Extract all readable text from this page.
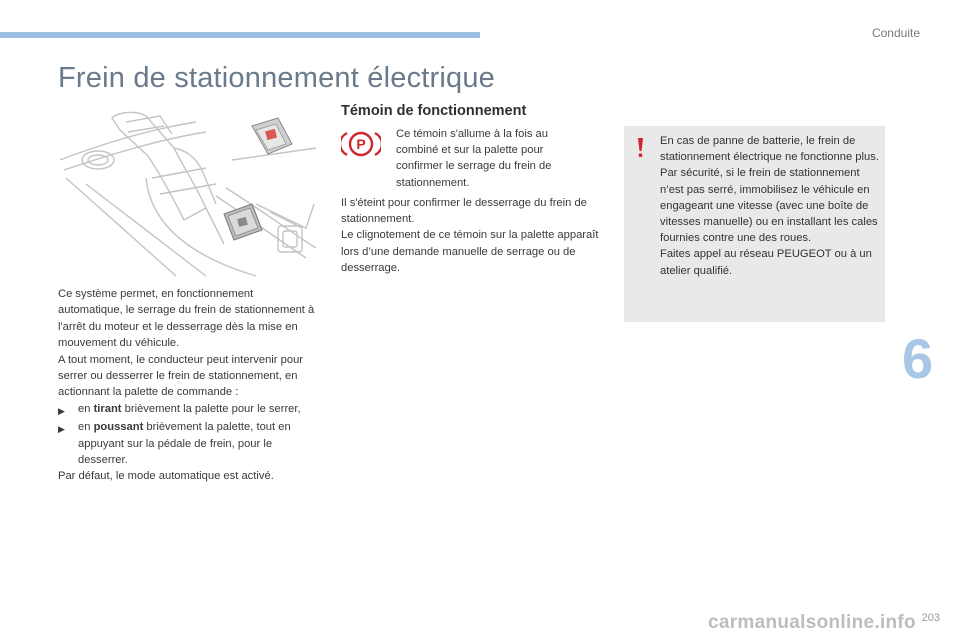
Conduite
Frein de stationnement électrique

Ce système permet, en fonctionnement automatique, le serrage du frein de stationnement à l'arrêt du moteur et le desserrage dès la mise en mouvement du véhicule.

A tout moment, le conducteur peut intervenir pour serrer ou desserrer le frein de stationnement, en actionnant la palette de commande :

▶	en tirant brièvement la palette pour le serrer,
▶	en poussant brièvement la palette, tout en appuyant sur la pédale de frein, pour le desserrer.

Par défaut, le mode automatique est activé.

Témoin de fonctionnement
P

Ce témoin s'allume à la fois au combiné et sur la palette pour confirmer le serrage du frein de stationnement.

Il s'éteint pour confirmer le desserrage du frein de stationnement.

Le clignotement de ce témoin sur la palette apparaît lors d’une demande manuelle de serrage ou de desserrage.

En cas de panne de batterie, le frein de stationnement électrique ne fonctionne plus.

Par sécurité, si le frein de stationnement n’est pas serré, immobilisez le véhicule en engageant une vitesse (avec une boîte de vitesses manuelle) ou en installant les cales fournies contre une des roues.

Faites appel au réseau PEUGEOT ou à un atelier qualifié.

6
carmanualsonline.info 203
